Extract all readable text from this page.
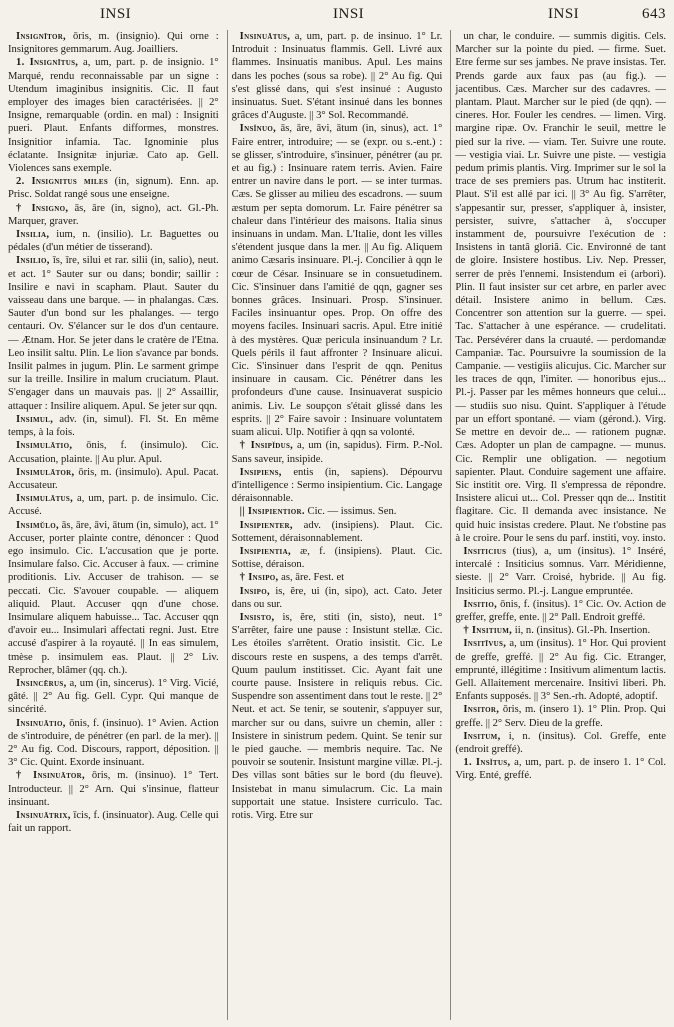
INSI	INSI	INSI	643

Insignītor, ōris, m. (insignio). Qui orne : Insignitores gemmarum. Aug. Joailliers.

1. Insignītus, a, um, part. p. de insignio. 1° Marqué, rendu reconnaissable par un signe : Utendum imaginibus insignitis. Cic. Il faut employer des images bien caractérisées. || 2° Insigne, remarquable (ordin. en mal) : Insigniti pueri. Plaut. Enfants difformes, monstres. Insignitior infamia. Tac. Ignominie plus éclatante. Insignitæ injuriæ. Cato ap. Gell. Violences sans exemple.

2. Insignitus miles (in, signum). Enn. ap. Prisc. Soldat rangé sous une enseigne.

† Insigno, ās, āre (in, signo), act. Gl.-Ph. Marquer, graver.

Insilia, ium, n. (insilio). Lr. Baguettes ou pédales (d'un métier de tisserand).

Insilio, īs, īre, silui et rar. silii (in, salio), neut. et act. 1° Sauter sur ou dans; bondir; saillir : Insilire e navi in scapham. Plaut. Sauter du vaisseau dans une barque. — in phalangas. Cæs. Sauter d'un bond sur les phalanges. — tergo centauri. Ov. S'élancer sur le dos d'un centaure. — Ætnam. Hor. Se jeter dans le cratère de l'Etna. Leo insilit saltu. Plin. Le lion s'avance par bonds. Insilit palmes in jugum. Plin. Le sarment grimpe sur la treille. Insilire in malum cruciatum. Plaut. S'engager dans un mauvais pas. || 2° Assaillir, attaquer : Insilire aliquem. Apul. Se jeter sur qqn.

Insimul, adv. (in, simul). Fl. St. En même temps, à la fois.

Insimulātio, ōnis, f. (insimulo). Cic. Accusation, plainte. || Au plur. Apul.

Insimulātor, ōris, m. (insimulo). Apul. Pacat. Accusateur.

Insimulātus, a, um, part. p. de insimulo. Cic. Accusé.

Insimŭlo, ās, āre, āvi, ātum (in, simulo), act. 1° Accuser, porter plainte contre, dénoncer : Quod ego insimulo. Cic. L'accusation que je porte. Insimulare falso. Cic. Accuser à faux. — crimine proditionis. Liv. Accuser de trahison. — se peccati. Cic. S'avouer coupable. — aliquem aliquid. Plaut. Accuser qqn d'une chose. Insimulare aliquem habuisse... Tac. Accuser qqn d'avoir eu... Insimulari affectati regni. Just. Etre accusé d'aspirer à la royauté. || In eas simulem, tmèse p. insimulem eas. Plaut. || 2° Liv. Reprocher, blâmer (qq. ch.).

Insincērus, a, um (in, sincerus). 1° Virg. Vicié, gâté. || 2° Au fig. Gell. Cypr. Qui manque de sincérité.

Insinuātio, ōnis, f. (insinuo). 1° Avien. Action de s'introduire, de pénétrer (en parl. de la mer). || 2° Au fig. Cod. Discours, rapport, déposition. || 3° Cic. Quint. Exorde insinuant.

† Insinuātor, ōris, m. (insinuo). 1° Tert. Introducteur. || 2° Arn. Qui s'insinue, flatteur insinuant.

Insinuātrix, īcis, f. (insinuator). Aug. Celle qui fait un rapport.

Insinuātus, a, um, part. p. de insinuo. 1° Lr. Introduit : Insinuatus flammis. Gell. Livré aux flammes. Insinuatis manibus. Apul. Les mains dans les poches (sous sa robe). || 2° Au fig. Qui s'est glissé dans, qui s'est insinué : Augusto insinuatus. Suet. S'étant insinué dans les bonnes grâces d'Auguste. || 3° Sol. Recommandé.

Insĭnuo, ās, āre, āvi, ātum (in, sinus), act. 1° Faire entrer, introduire; — se (expr. ou s.-ent.) : se glisser, s'introduire, s'insinuer, pénétrer (au pr. et au fig.) : Insinuare ratem terris. Avien. Faire entrer un navire dans le port. — se inter turmas. Cæs. Se glisser au milieu des escadrons. — suum æstum per septa domorum. Lr. Faire pénétrer sa chaleur dans l'intérieur des maisons. Italia sinus insinuans in undam. Man. L'Italie, dont les villes s'étendent jusque dans la mer. || Au fig. Aliquem animo Cæsaris insinuare. Pl.-j. Concilier à qqn le cœur de César. Insinuare se in consuetudinem. Cic. S'insinuer dans l'amitié de qqn, gagner ses bonnes grâces. Insinuari. Prosp. S'insinuer. Faciles insinuantur opes. Prop. On offre des moyens faciles. Insinuari sacris. Apul. Etre initié à des mystères. Quæ pericula insinuandum ? Lr. Quels périls il faut affronter ? Insinuare alicui. Cic. S'insinuer dans l'esprit de qqn. Penitus insinuare in causam. Cic. Pénétrer dans les profondeurs d'une cause. Insinuaverat suspicio animis. Liv. Le soupçon s'était glissé dans les esprits. || 2° Faire savoir : Insinuare voluntatem suam alicui. Ulp. Notifier à qqn sa volonté.

† Insipĭdus, a, um (in, sapidus). Firm. P.-Nol. Sans saveur, insipide.

Insipiens, entis (in, sapiens). Dépourvu d'intelligence : Sermo insipientium. Cic. Langage déraisonnable.

|| Insipientior. Cic. — issimus. Sen.

Insipienter, adv. (insipiens). Plaut. Cic. Sottement, déraisonnablement.

Insipientia, æ, f. (insipiens). Plaut. Cic. Sottise, déraison.

† Insipo, as, āre. Fest. et

Insipo, is, ĕre, ui (in, sipo), act. Cato. Jeter dans ou sur.

Insisto, is, ĕre, stiti (in, sisto), neut. 1° S'arrêter, faire une pause : Insistunt stellæ. Cic. Les étoiles s'arrêtent. Oratio insistit. Cic. Le discours reste en suspens, a des temps d'arrêt. Quum paulum institisset. Cic. Ayant fait une courte pause. Insistere in reliquis rebus. Cic. Suspendre son assentiment dans tout le reste. || 2° Neut. et act. Se tenir, se soutenir, s'appuyer sur, marcher sur ou dans, suivre un chemin, aller : Insistere in sinistrum pedem. Quint. Se tenir sur le pied gauche. — membris nequire. Tac. Ne pouvoir se soutenir. Insistunt margine villæ. Pl.-j. Des villas sont bâties sur le bord (du fleuve). Insistebat in manu simulacrum. Cic. La main supportait une statue. Insistere curriculo. Tac. rotis. Virg. Etre sur

un char, le conduire. — summis digitis. Cels. Marcher sur la pointe du pied. — firme. Suet. Etre ferme sur ses jambes. Ne prave insistas. Ter. Prends garde aux faux pas (au fig.). — jacentibus. Cæs. Marcher sur des cadavres. — plantam. Plaut. Marcher sur le pied (de qqn). — cineres. Hor. Fouler les cendres. — limen. Virg. margine ripæ. Ov. Franchir le seuil, mettre le pied sur la rive. — viam. Ter. Suivre une route. — vestigia viai. Lr. Suivre une piste. — vestigia pedum primis plantis. Virg. Imprimer sur le sol la trace de ses premiers pas. Utrum hac institerit. Plaut. S'il est allé par ici. || 3° Au fig. S'arrêter, s'appesantir sur, presser, s'appliquer à, insister, persister, suivre, s'attacher à, s'occuper instamment de, poursuivre l'exécution de : Insistens in tantâ gloriâ. Cic. Environné de tant de gloire. Insistere hostibus. Liv. Nep. Presser, serrer de près l'ennemi. Insistendum ei (arbori). Plin. Il faut insister sur cet arbre, en parler avec détail. Insistere animo in bellum. Cæs. Concentrer son attention sur la guerre. — spei. Tac. S'attacher à une espérance. — crudelitati. Tac. Persévérer dans la cruauté. — perdomandæ Campaniæ. Tac. Poursuivre la soumission de la Campanie. — vestigiis alicujus. Cic. Marcher sur les traces de qqn, l'imiter. — honoribus ejus... Pl.-j. Passer par les mêmes honneurs que celui... — studiis suo nisu. Quint. S'appliquer à l'étude par un effort spontané. — viam (gérond.). Virg. Se mettre en devoir de... — rationem pugnæ. Cæs. Adopter un plan de campagne. — munus. Cic. Remplir une obligation. — negotium sapienter. Plaut. Conduire sagement une affaire. Sic institit ore. Virg. Il s'empressa de répondre. Insistere alicui ut... Col. Presser qqn de... Institit flagitare. Cic. Il demanda avec insistance. Ne quid huic insistas credere. Plaut. Ne t'obstine pas à le croire. Pour le sens du parf. institi, voy. insto.

Insiticius (tius), a, um (insitus). 1° Inséré, intercalé : Insiticius somnus. Varr. Méridienne, sieste. || 2° Varr. Croisé, hybride. || Au fig. Insiticius sermo. Pl.-j. Langue empruntée.

Insitio, ōnis, f. (insitus). 1° Cic. Ov. Action de greffer, greffe, ente. || 2° Pall. Endroit greffé.

† Insitium, ii, n. (insitus). Gl.-Ph. Insertion.

Insitīvus, a, um (insitus). 1° Hor. Qui provient de greffe, greffé. || 2° Au fig. Cic. Etranger, emprunté, illégitime : Insitivum alimentum lactis. Gell. Allaitement mercenaire. Insitivi liberi. Ph. Enfants supposés. || 3° Sen.-rh. Adopté, adoptif.

Insitor, ōris, m. (insero 1). 1° Plin. Prop. Qui greffe. || 2° Serv. Dieu de la greffe.

Insitum, i, n. (insitus). Col. Greffe, ente (endroit greffé).

1. Insĭtus, a, um, part. p. de insero 1. 1° Col. Virg. Enté, greffé.
